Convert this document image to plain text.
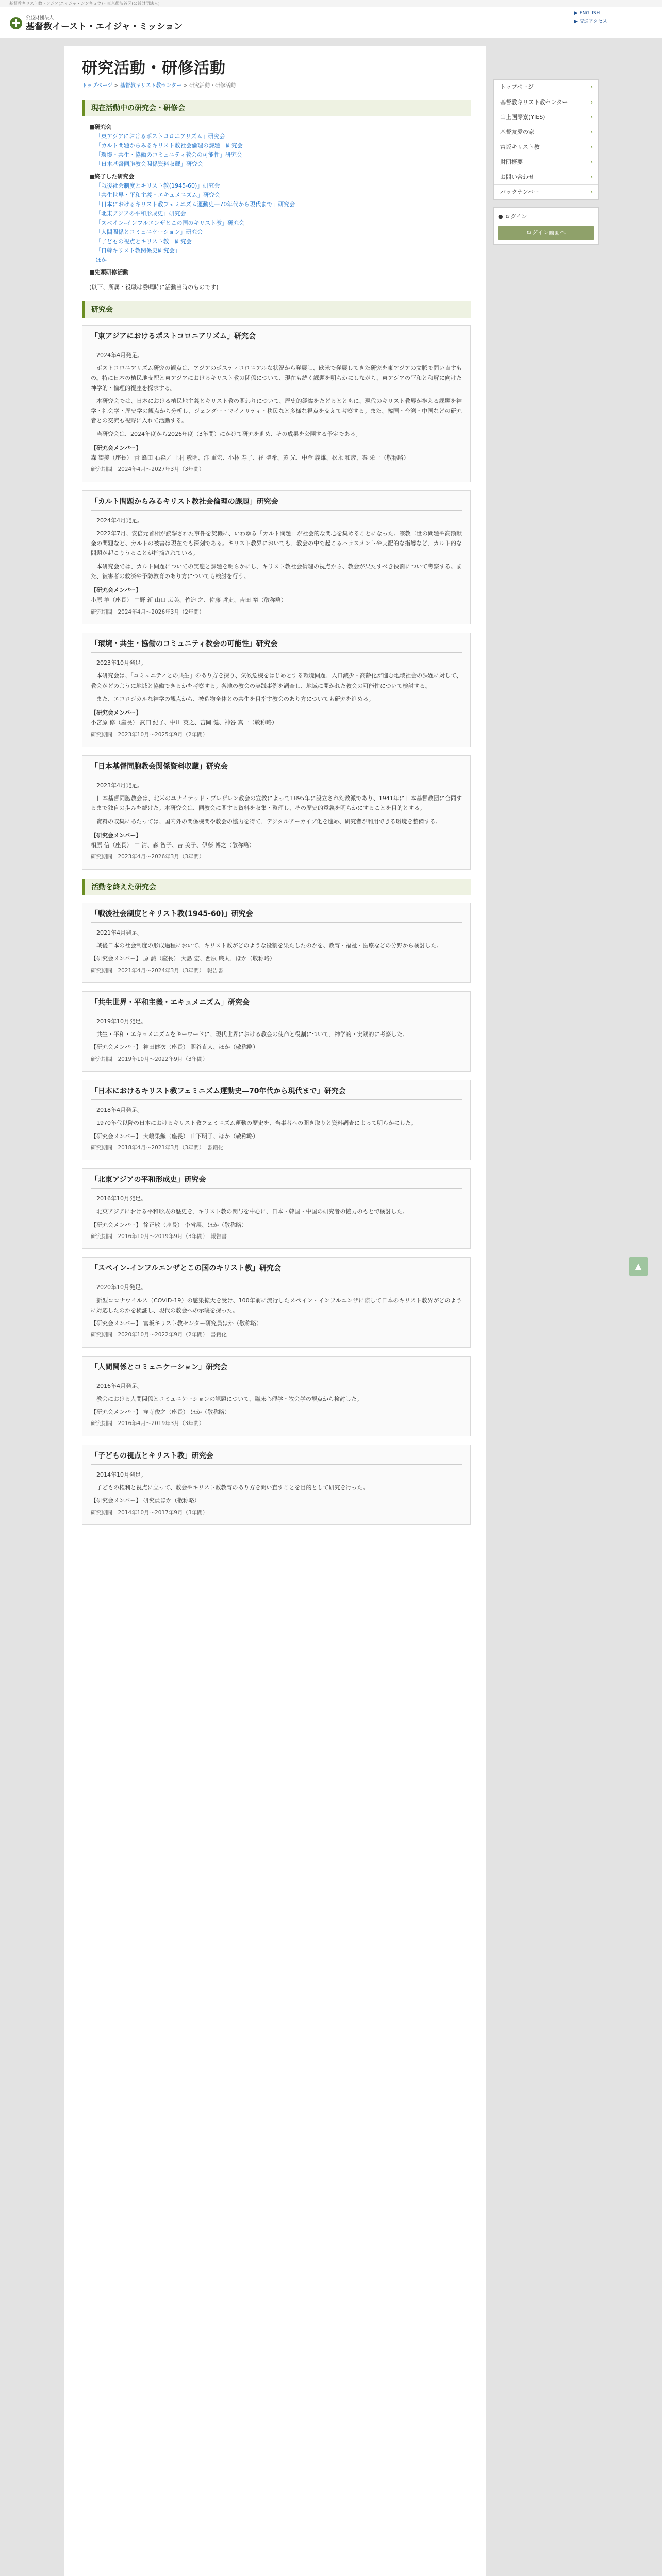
基督教キリスト教・アジア(エイジャ・シンキョウ)・東京都渋谷区(公益財団法人)
公益財団法人
基督教イースト・エイジャ・ミッション
▶ ENGLISH
▶ 交通アクセス
研究活動・研修活動
トップページ > 基督教キリスト教センター > 研究活動・研修活動
現在活動中の研究会・研修会
■研究会
「東アジアにおけるポストコロニアリズム」研究会
「カルト問題からみるキリスト教社会倫理の課題」研究会
「環境・共生・協働のコミュニティ教会の可能性」研究会
「日本基督同胞教会関係資料収蔵」研究会
■終了した研究会
「戦後社会制度とキリスト教(1945-60)」研究会
「共生世界・平和主義・エキュメニズム」研究会
「日本におけるキリスト教フェミニズム運動史—70年代から現代まで」研究会
「北東アジアの平和形成史」研究会
「スペイン-インフルエンザとこの国のキリスト教」研究会
「人間関係とコミュニケーション」研究会
「子どもの視点とキリスト教」研究会
「日韓キリスト教関係史研究会」
ほか
■先頭研修活動
(以下、所属・役職は委嘱時に活動当時のものです)
研究会
「東アジアにおけるポストコロニアリズム」研究会

2024年4月発足。

ポストコロニアリズム研究の観点は、アジアのポスティコロニアルな状況から発展し、欧米で発展してきた研究を東アジアの文脈で問い直すもの。特に日本の植民地支配と東アジアにおけるキリスト教の関係について、現在も続く課題を明らかにしながら、東アジアの平和と和解に向けた神学的・倫理的視座を探求する。

本研究会では、日本における植民地主義とキリスト教の関わりについて、歴史的経緯をたどるとともに、現代のキリスト教界が抱える課題を神学・社会学・歴史学の観点から分析し、ジェンダー・マイノリティ・移民など多様な視点を交えて考察する。また、韓国・台湾・中国などの研究者との交流も視野に入れて活動する。

当研究会は、2024年度から2026年度（3年間）にかけて研究を進め、その成果を公開する予定である。

【研究会メンバー】
森 望美（座長） 青 蜂田 石森／ 上村 敏明、洋 重宏、小林 寿子、崔 聖希、黄 光、中金 義雄、松永 和彦、秦 栄一（敬称略）
研究期間　2024年4月〜2027年3月（3年間）
「カルト問題からみるキリスト教社会倫理の課題」研究会

2024年4月発足。

2022年7月、安倍元首相が銃撃された事件を契機に、いわゆる「カルト問題」が社会的な関心を集めることになった。宗教二世の問題や高額献金の問題など、カルトの被害は現在でも深刻である。キリスト教界においても、教会の中で起こるハラスメントや支配的な指導など、カルト的な問題が起こりうることが指摘されている。

本研究会では、カルト問題についての実態と課題を明らかにし、キリスト教社会倫理の視点から、教会が果たすべき役割について考察する。また、被害者の救済や予防教育のあり方についても検討を行う。

【研究会メンバー】
小原 羊（座長） 中野 新 山口 広美、竹迫 之、佐藤 哲史、吉田 裕（敬称略）
研究期間　2024年4月〜2026年3月（2年間）
「環境・共生・協働のコミュニティ教会の可能性」研究会

2023年10月発足。

本研究会は、「コミュニティとの共生」のあり方を探り、気候危機をはじめとする環境問題、人口減少・高齢化が進む地域社会の課題に対して、教会がどのように地域と協働できるかを考察する。各地の教会の実践事例を調査し、地域に開かれた教会の可能性について検討する。

また、エコロジカルな神学の観点から、被造物全体との共生を目指す教会のあり方についても研究を進める。

【研究会メンバー】
小宮原 修（座長） 武田 紀子、中川 英之、吉岡 健、神谷 真一（敬称略）
研究期間　2023年10月〜2025年9月（2年間）
「日本基督同胞教会関係資料収蔵」研究会

2023年4月発足。

日本基督同胞教会は、北米のユナイテッド・ブレザレン教会の宣教によって1895年に設立された教派であり、1941年に日本基督教団に合同するまで独自の歩みを続けた。本研究会は、同教会に関する資料を収集・整理し、その歴史的意義を明らかにすることを目的とする。

資料の収集にあたっては、国内外の関係機関や教会の協力を得て、デジタルアーカイブ化を進め、研究者が利用できる環境を整備する。

【研究会メンバー】
相原 信（座長） 中 清、森 智子、吉 美子、伊藤 博之（敬称略）
研究期間　2023年4月〜2026年3月（3年間）
活動を終えた研究会
「戦後社会制度とキリスト教(1945-60)」研究会

2021年4月発足。

戦後日本の社会制度の形成過程において、キリスト教がどのような役割を果たしたのかを、教育・福祉・医療などの分野から検討した。

【研究会メンバー】 原 誠（座長） 大島 宏、西原 廉太、ほか（敬称略）
研究期間　2021年4月〜2024年3月（3年間）　報告書
「共生世界・平和主義・エキュメニズム」研究会

2019年10月発足。

共生・平和・エキュメニズムをキーワードに、現代世界における教会の使命と役割について、神学的・実践的に考察した。

【研究会メンバー】 神田健次（座長） 関谷直人、ほか（敬称略）
研究期間　2019年10月〜2022年9月（3年間）
「日本におけるキリスト教フェミニズム運動史—70年代から現代まで」研究会

2018年4月発足。

1970年代以降の日本におけるキリスト教フェミニズム運動の歴史を、当事者への聞き取りと資料調査によって明らかにした。

【研究会メンバー】 大嶋果織（座長） 山下明子、ほか（敬称略）
研究期間　2018年4月〜2021年3月（3年間）　書籍化
「北東アジアの平和形成史」研究会

2016年10月発足。

北東アジアにおける平和形成の歴史を、キリスト教の関与を中心に、日本・韓国・中国の研究者の協力のもとで検討した。

【研究会メンバー】 徐正敏（座長） 李省展、ほか（敬称略）
研究期間　2016年10月〜2019年9月（3年間）　報告書
「スペイン-インフルエンザとこの国のキリスト教」研究会

2020年10月発足。

新型コロナウイルス（COVID-19）の感染拡大を受け、100年前に流行したスペイン・インフルエンザに際して日本のキリスト教界がどのように対応したのかを検証し、現代の教会への示唆を探った。

【研究会メンバー】 富坂キリスト教センター研究員ほか（敬称略）
研究期間　2020年10月〜2022年9月（2年間）　書籍化
「人間関係とコミュニケーション」研究会

2016年4月発足。

教会における人間関係とコミュニケーションの課題について、臨床心理学・牧会学の観点から検討した。

【研究会メンバー】 窪寺俊之（座長） ほか（敬称略）
研究期間　2016年4月〜2019年3月（3年間）
「子どもの視点とキリスト教」研究会

2014年10月発足。

子どもの権利と視点に立って、教会やキリスト教教育のあり方を問い直すことを目的として研究を行った。

【研究会メンバー】 研究員ほか（敬称略）
研究期間　2014年10月〜2017年9月（3年間）
トップページ	›
基督教キリスト教センター	›
山上国際寮(YIES)	›
基督友愛の家	›
富坂キリスト教	›
財団概要	›
お問い合わせ	›
パックナンバー	›
● ログイン
ログイン画面へ
▲
